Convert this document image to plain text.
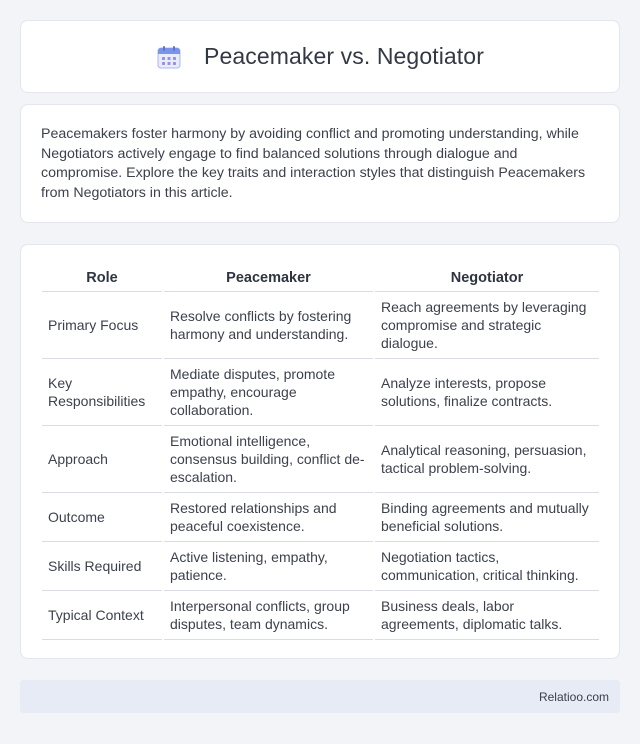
Peacemaker vs. Negotiator

Peacemakers foster harmony by avoiding conflict and promoting understanding, while Negotiators actively engage to find balanced solutions through dialogue and compromise. Explore the key traits and interaction styles that distinguish Peacemakers from Negotiators in this article.

Role	Peacemaker	Negotiator
Primary Focus	Resolve conflicts by fostering harmony and understanding.	Reach agreements by leveraging compromise and strategic dialogue.
Key Responsibilities	Mediate disputes, promote empathy, encourage collaboration.	Analyze interests, propose solutions, finalize contracts.
Approach	Emotional intelligence, consensus building, conflict de-escalation.	Analytical reasoning, persuasion, tactical problem-solving.
Outcome	Restored relationships and peaceful coexistence.	Binding agreements and mutually beneficial solutions.
Skills Required	Active listening, empathy, patience.	Negotiation tactics, communication, critical thinking.
Typical Context	Interpersonal conflicts, group disputes, team dynamics.	Business deals, labor agreements, diplomatic talks.
Relatioo.com
